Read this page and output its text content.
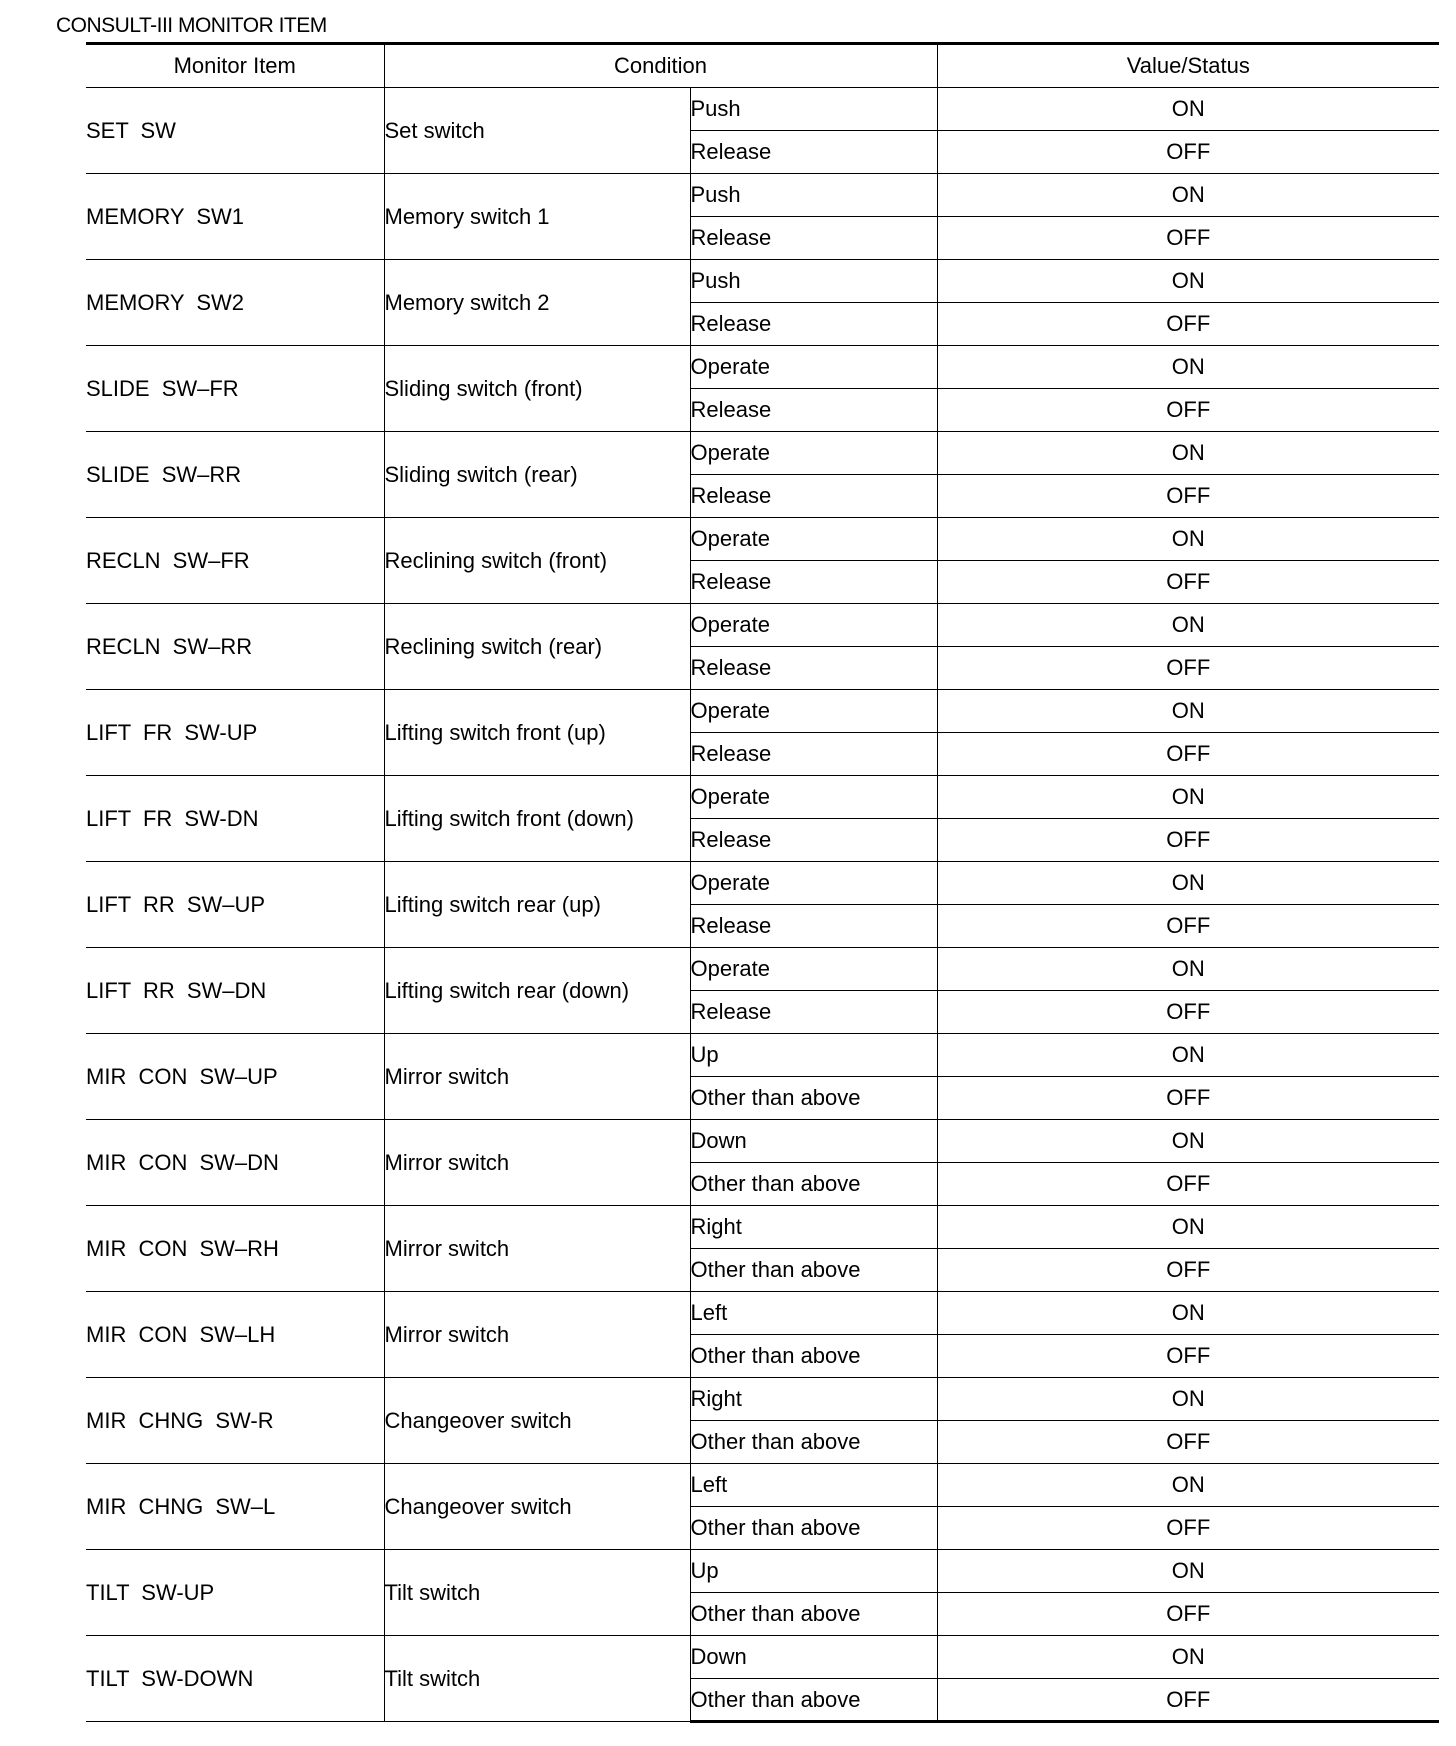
CONSULT-III MONITOR ITEM
Monitor Item	Condition		Value/Status
SET SW	Set switch	Push	ON
		Release	OFF
MEMORY SW1	Memory switch 1	Push	ON
		Release	OFF
MEMORY SW2	Memory switch 2	Push	ON
		Release	OFF
SLIDE SW–FR	Sliding switch (front)	Operate	ON
		Release	OFF
SLIDE SW–RR	Sliding switch (rear)	Operate	ON
		Release	OFF
RECLN SW–FR	Reclining switch (front)	Operate	ON
		Release	OFF
RECLN SW–RR	Reclining switch (rear)	Operate	ON
		Release	OFF
LIFT FR SW-UP	Lifting switch front (up)	Operate	ON
		Release	OFF
LIFT FR SW-DN	Lifting switch front (down)	Operate	ON
		Release	OFF
LIFT RR SW–UP	Lifting switch rear (up)	Operate	ON
		Release	OFF
LIFT RR SW–DN	Lifting switch rear (down)	Operate	ON
		Release	OFF
MIR CON SW–UP	Mirror switch	Up	ON
		Other than above	OFF
MIR CON SW–DN	Mirror switch	Down	ON
		Other than above	OFF
MIR CON SW–RH	Mirror switch	Right	ON
		Other than above	OFF
MIR CON SW–LH	Mirror switch	Left	ON
		Other than above	OFF
MIR CHNG SW-R	Changeover switch	Right	ON
		Other than above	OFF
MIR CHNG SW–L	Changeover switch	Left	ON
		Other than above	OFF
TILT SW-UP	Tilt switch	Up	ON
		Other than above	OFF
TILT SW-DOWN	Tilt switch	Down	ON
		Other than above	OFF
